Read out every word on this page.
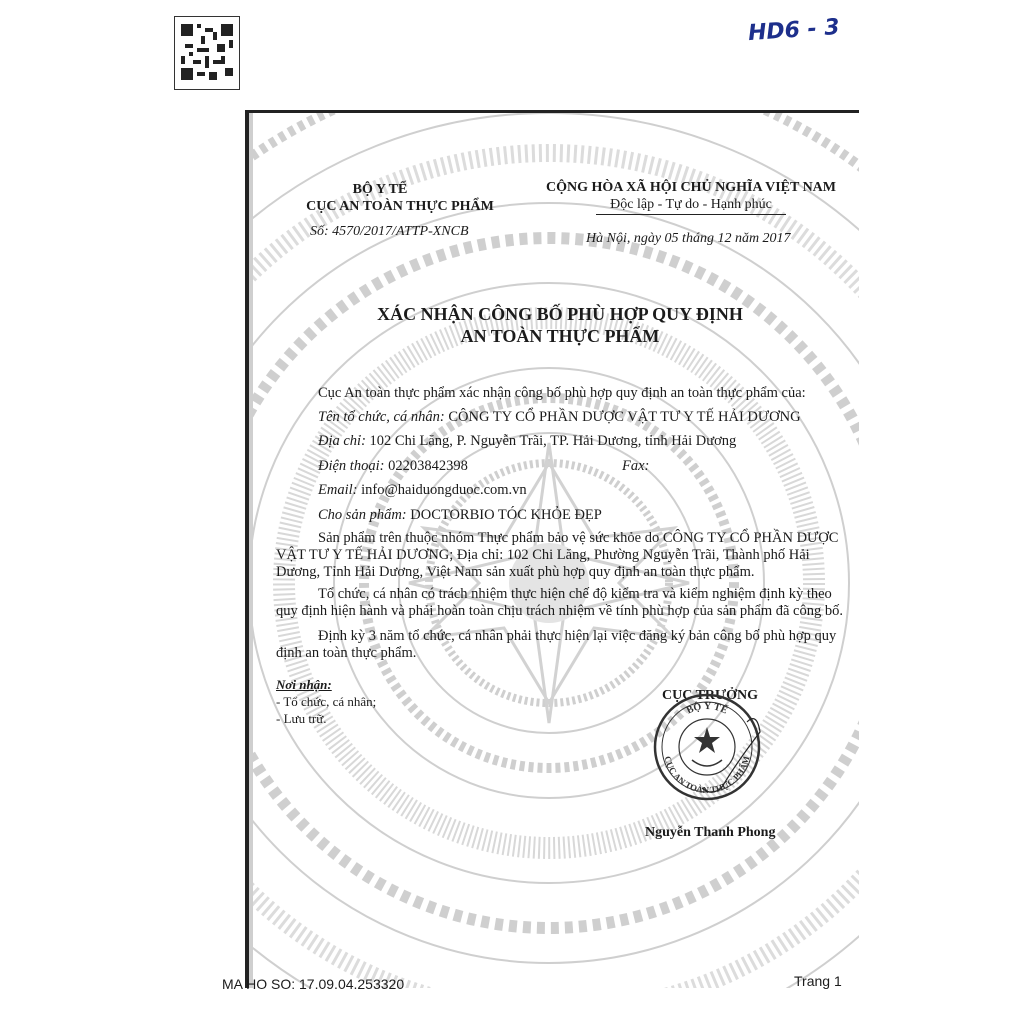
HD6 - 3
BỘ Y TẾ
CỤC AN TOÀN THỰC PHẨM
Số: 4570/2017/ATTP-XNCB
CỘNG HÒA XÃ HỘI CHỦ NGHĨA VIỆT NAM
Độc lập - Tự do - Hạnh phúc
Hà Nội, ngày 05 tháng 12 năm 2017
XÁC NHẬN CÔNG BỐ PHÙ HỢP QUY ĐỊNH
AN TOÀN THỰC PHẨM
Cục An toàn thực phẩm xác nhận công bố phù hợp quy định an toàn thực phẩm của:
Tên tổ chức, cá nhân: CÔNG TY CỔ PHẦN DƯỢC VẬT TƯ Y TẾ HẢI DƯƠNG
Địa chỉ: 102 Chi Lăng, P. Nguyễn Trãi, TP. Hải Dương, tỉnh Hải Dương
Điện thoại: 02203842398	Fax:
Email: info@haiduongduoc.com.vn
Cho sản phẩm: DOCTORBIO TÓC KHỎE ĐẸP
Sản phẩm trên thuộc nhóm Thực phẩm bảo vệ sức khỏe do CÔNG TY CỔ PHẦN DƯỢC
VẬT TƯ Y TẾ HẢI DƯƠNG; Địa chỉ: 102 Chi Lăng, Phường Nguyễn Trãi, Thành phố Hải
Dương, Tỉnh Hải Dương, Việt Nam sản xuất phù hợp quy định an toàn thực phẩm.
Tổ chức, cá nhân có trách nhiệm thực hiện chế độ kiểm tra và kiểm nghiệm định kỳ theo
quy định hiện hành và phải hoàn toàn chịu trách nhiệm về tính phù hợp của sản phẩm đã công bố.
Định kỳ 3 năm tổ chức, cá nhân phải thực hiện lại việc đăng ký bản công bố phù hợp quy
định an toàn thực phẩm.
Nơi nhận:
- Tổ chức, cá nhân;
- Lưu trữ.
CỤC TRƯỞNG
BỘ Y TẾ
CỤC AN TOÀN THỰC PHẨM
Nguyễn Thanh Phong
MA HO SO: 17.09.04.253320	Trang 1
